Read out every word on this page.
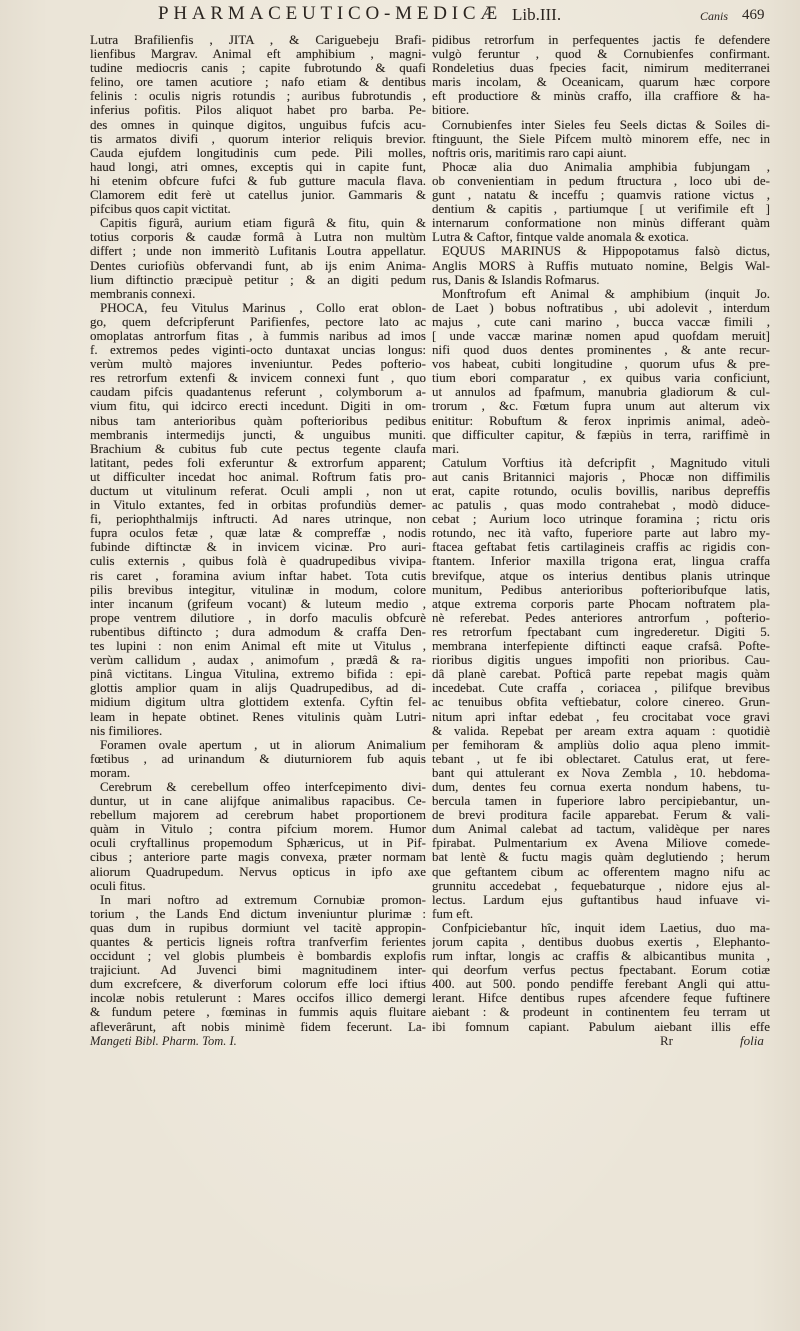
PHARMACEUTICO-MEDICÆ Lib.III.	Canis 469
Lutra Brafilienfis , JITA , & Cariguebeju Brafi-
lienfibus Margrav. Animal eft amphibium , magni-
tudine mediocris canis ; capite fubrotundo & quafi
felino, ore tamen acutiore ; nafo etiam & dentibus
felinis : oculis nigris rotundis ; auribus fubrotundis ,
inferius pofitis. Pilos aliquot habet pro barba. Pe-
des omnes in quinque digitos, unguibus fufcis acu-
tis armatos divifi , quorum interior reliquis brevior.
Cauda ejufdem longitudinis cum pede. Pili molles,
haud longi, atri omnes, exceptis qui in capite funt,
hi etenim obfcure fufci & fub gutture macula flava.
Clamorem edit ferè ut catellus junior. Gammaris &
pifcibus quos capit victitat.
Capitis figurâ, aurium etiam figurâ & fitu, quin &
totius corporis & caudæ formâ à Lutra non multùm
differt ; unde non immeritò Lufitanis Loutra appellatur.
Dentes curiofiùs obfervandi funt, ab ijs enim Anima-
lium diftinctio præcipuè petitur ; & an digiti pedum
membranis connexi.
PHOCA, feu Vitulus Marinus , Collo erat oblon-
go, quem defcripferunt Parifienfes, pectore lato ac
omoplatas antrorfum fitas , à fummis naribus ad imos
f. extremos pedes viginti-octo duntaxat uncias longus:
verùm multò majores inveniuntur. Pedes pofterio-
res retrorfum extenfi & invicem connexi funt , quo
caudam pifcis quadantenus referunt , colymborum a-
vium fitu, qui idcirco erecti incedunt. Digiti in om-
nibus tam anterioribus quàm pofterioribus pedibus
membranis intermedijs juncti, & unguibus muniti.
Brachium & cubitus fub cute pectus tegente claufa
latitant, pedes foli exferuntur & extrorfum apparent;
ut difficulter incedat hoc animal. Roftrum fatis pro-
ductum ut vitulinum referat. Oculi ampli , non ut
in Vitulo extantes, fed in orbitas profundiùs demer-
fi, periophthalmijs inftructi. Ad nares utrinque, non
fupra oculos fetæ , quæ latæ & compreffæ , nodis
fubinde diftinctæ & in invicem vicinæ. Pro auri-
culis externis , quibus folà è quadrupedibus vivipa-
ris caret , foramina avium inftar habet. Tota cutis
pilis brevibus integitur, vitulinæ in modum, colore
inter incanum (grifeum vocant) & luteum medio ,
prope ventrem dilutiore , in dorfo maculis obfcurè
rubentibus diftincto ; dura admodum & craffa Den-
tes lupini : non enim Animal eft mite ut Vitulus ,
verùm callidum , audax , animofum , prædâ & ra-
pinâ victitans. Lingua Vitulina, extremo bifida : epi-
glottis amplior quam in alijs Quadrupedibus, ad di-
midium digitum ultra glottidem extenfa. Cyftin fel-
leam in hepate obtinet. Renes vitulinis quàm Lutri-
nis fimiliores.
Foramen ovale apertum , ut in aliorum Animalium
fœtibus , ad urinandum & diuturniorem fub aquis
moram.
Cerebrum & cerebellum offeo interfcepimento divi-
duntur, ut in cane alijfque animalibus rapacibus. Ce-
rebellum majorem ad cerebrum habet proportionem
quàm in Vitulo ; contra pifcium morem. Humor
oculi cryftallinus propemodum Sphæricus, ut in Pif-
cibus ; anteriore parte magis convexa, præter normam
aliorum Quadrupedum. Nervus opticus in ipfo axe
oculi fitus.
In mari noftro ad extremum Cornubiæ promon-
torium , the Lands End dictum inveniuntur plurimæ :
quas dum in rupibus dormiunt vel tacitè appropin-
quantes & perticis ligneis roftra tranfverfim ferientes
occidunt ; vel globis plumbeis è bombardis explofis
trajiciunt. Ad Juvenci bimi magnitudinem inter-
dum excrefcere, & diverforum colorum effe loci iftius
incolæ nobis retulerunt : Mares occifos illico demergi
& fundum petere , fœminas in fummis aquis fluitare
afleverârunt, aft nobis minimè fidem fecerunt. La-
pidibus retrorfum in perfequentes jactis fe defendere
vulgò feruntur , quod & Cornubienfes confirmant.
Rondeletius duas fpecies facit, nimirum mediterranei
maris incolam, & Oceanicam, quarum hæc corpore
eft productiore & minùs craffo, illa craffiore & ha-
bitiore.
Cornubienfes inter Sieles feu Seels dictas & Soiles di-
ftinguunt, the Siele Pifcem multò minorem effe, nec in
noftris oris, maritimis raro capi aiunt.
Phocæ alia duo Animalia amphibia fubjungam ,
ob convenientiam in pedum ftructura , loco ubi de-
gunt , natatu & inceffu ; quamvis ratione victus ,
dentium & capitis , partiumque [ ut verifimile eft ]
internarum conformatione non minùs differant quàm
Lutra & Caftor, fintque valde anomala & exotica.
EQUUS MARINUS & Hippopotamus falsò dictus,
Anglis MORS à Ruffis mutuato nomine, Belgis Wal-
rus, Danis & Islandis Rofmarus.
Monftrofum eft Animal & amphibium (inquit Jo.
de Laet ) bobus noftratibus , ubi adolevit , interdum
majus , cute cani marino , bucca vaccæ fimili ,
[ unde vaccæ marinæ nomen apud quofdam meruit]
nifi quod duos dentes prominentes , & ante recur-
vos habeat, cubiti longitudine , quorum ufus & pre-
tium ebori comparatur , ex quibus varia conficiunt,
ut annulos ad fpafmum, manubria gladiorum & cul-
trorum , &c. Fœtum fupra unum aut alterum vix
enititur: Robuftum & ferox inprimis animal, adeò-
que difficulter capitur, & fæpiùs in terra, rariffimè in
mari.
Catulum Vorftius ità defcripfit , Magnitudo vituli
aut canis Britannici majoris , Phocæ non diffimilis
erat, capite rotundo, oculis bovillis, naribus depreffis
ac patulis , quas modo contrahebat , modò diduce-
cebat ; Aurium loco utrinque foramina ; rictu oris
rotundo, nec ità vafto, fuperiore parte aut labro my-
ftacea geftabat fetis cartilagineis craffis ac rigidis con-
ftantem. Inferior maxilla trigona erat, lingua craffa
brevifque, atque os interius dentibus planis utrinque
munitum, Pedibus anterioribus pofterioribufque latis,
atque extrema corporis parte Phocam noftratem pla-
nè referebat. Pedes anteriores antrorfum , pofterio-
res retrorfum fpectabant cum ingrederetur. Digiti 5.
membrana interfepiente diftincti eaque crafsâ. Pofte-
rioribus digitis ungues impofiti non prioribus. Cau-
dâ planè carebat. Pofticâ parte repebat magis quàm
incedebat. Cute craffa , coriacea , pilifque brevibus
ac tenuibus obfita veftiebatur, colore cinereo. Grun-
nitum apri inftar edebat , feu crocitabat voce gravi
& valida. Repebat per aream extra aquam : quotidiè
per femihoram & ampliùs dolio aqua pleno immit-
tebant , ut fe ibi oblectaret. Catulus erat, ut fere-
bant qui attulerant ex Nova Zembla , 10. hebdoma-
dum, dentes feu cornua exerta nondum habens, tu-
bercula tamen in fuperiore labro percipiebantur, un-
de brevi proditura facile apparebat. Ferum & vali-
dum Animal calebat ad tactum, validèque per nares
fpirabat. Pulmentarium ex Avena Miliove comede-
bat lentè & fuctu magis quàm deglutiendo ; herum
que geftantem cibum ac offerentem magno nifu ac
grunnitu accedebat , fequebaturque , nidore ejus al-
lectus. Lardum ejus guftantibus haud infuave vi-
fum eft.
Confpiciebantur hîc, inquit idem Laetius, duo ma-
jorum capita , dentibus duobus exertis , Elephanto-
rum inftar, longis ac craffis & albicantibus munita ,
qui deorfum verfus pectus fpectabant. Eorum cotiæ
400. aut 500. pondo pendiffe ferebant Angli qui attu-
lerant. Hifce dentibus rupes afcendere feque fuftinere
aiebant : & prodeunt in continentem feu terram ut
ibi fomnum capiant. Pabulum aiebant illis effe
Mangeti Bibl. Pharm. Tom. I.	Rr	folia
